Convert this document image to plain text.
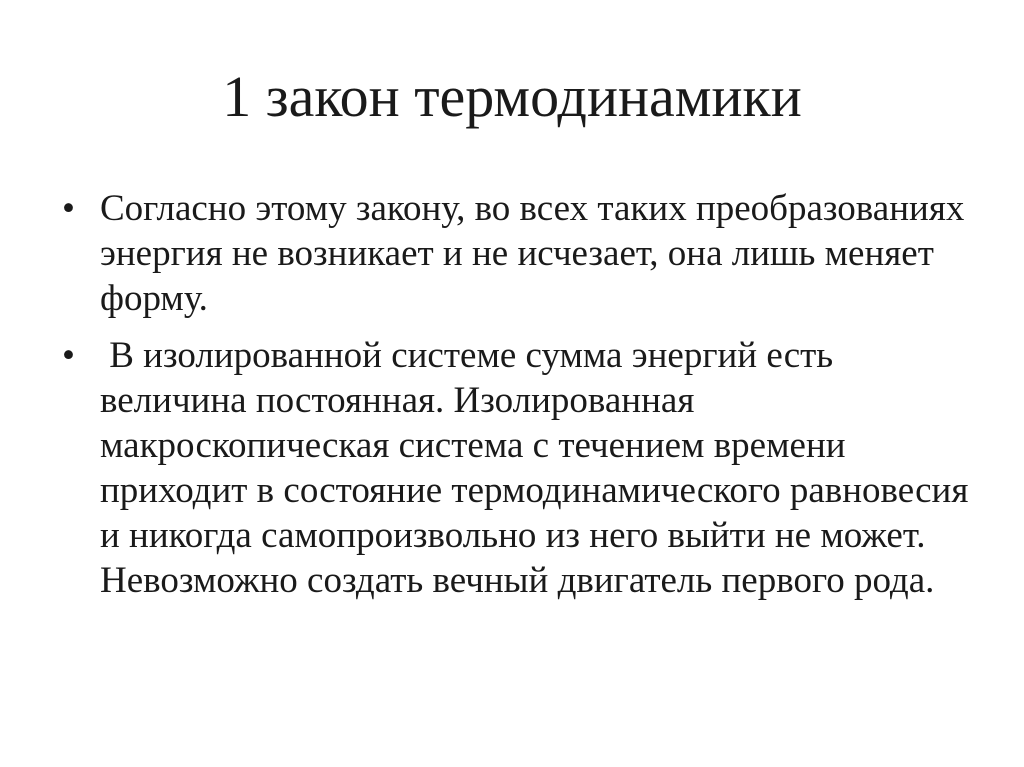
1 закон термодинамики
• Согласно этому закону, во всех таких преобразованиях энергия не возникает и не исчезает, она лишь меняет форму.
• В изолированной системе сумма энергий есть величина постоянная. Изолированная макроскопическая система с течением времени приходит в состояние термодинамического равновесия и никогда самопроизвольно из него выйти не может. Невозможно создать вечный двигатель первого рода.
